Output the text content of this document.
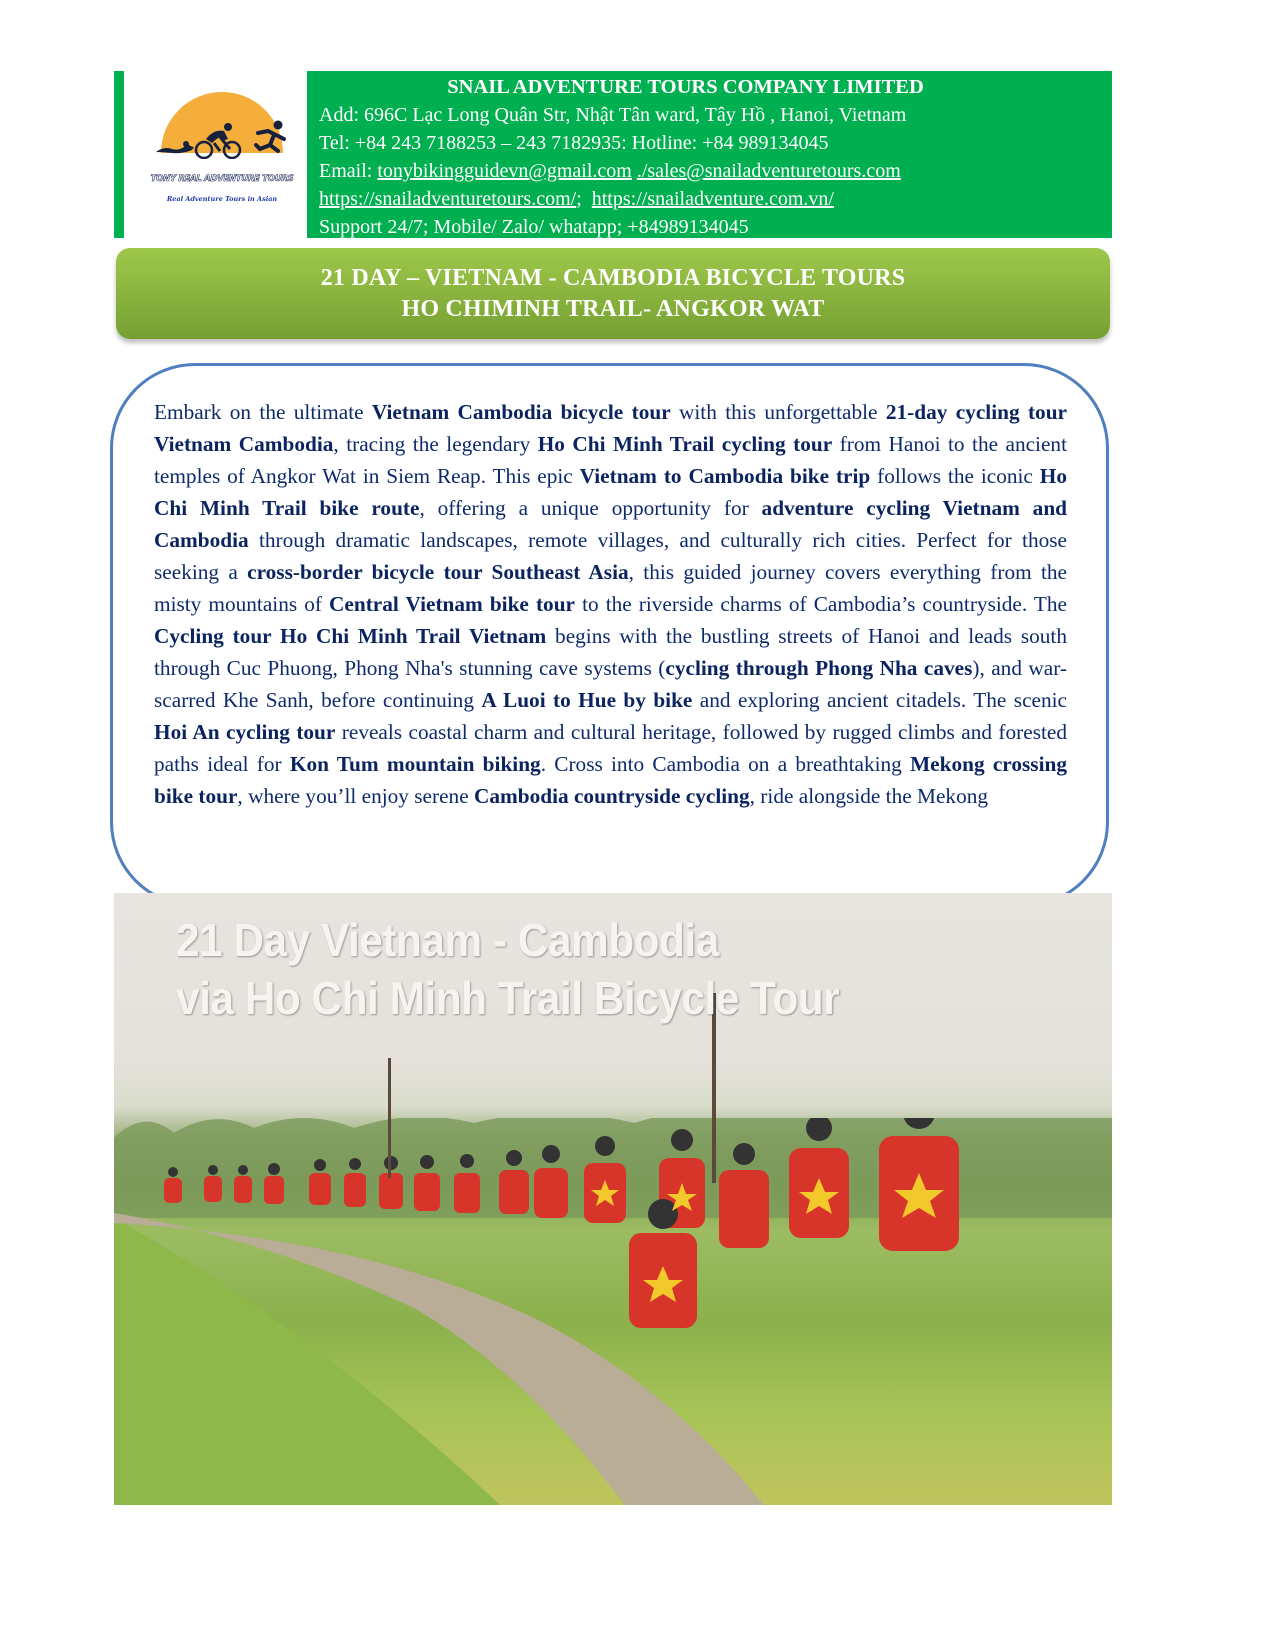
TONY REAL ADVENTURE TOURS
Real Adventure Tours in Asian
SNAIL ADVENTURE TOURS COMPANY LIMITED
Add: 696C Lạc Long Quân Str, Nhật Tân ward, Tây Hồ , Hanoi, Vietnam
Tel: +84 243 7188253 – 243 7182935: Hotline: +84 989134045
Email: tonybikingguidevn@gmail.com ./sales@snailadventuretours.com
https://snailadventuretours.com/;  https://snailadventure.com.vn/
Support 24/7; Mobile/ Zalo/ whatapp; +84989134045
21 DAY – VIETNAM - CAMBODIA BICYCLE TOURS
HO CHIMINH TRAIL- ANGKOR WAT
Embark on the ultimate Vietnam Cambodia bicycle tour with this unforgettable 21-day cycling tour Vietnam Cambodia, tracing the legendary Ho Chi Minh Trail cycling tour from Hanoi to the ancient temples of Angkor Wat in Siem Reap. This epic Vietnam to Cambodia bike trip follows the iconic Ho Chi Minh Trail bike route, offering a unique opportunity for adventure cycling Vietnam and Cambodia through dramatic landscapes, remote villages, and culturally rich cities. Perfect for those seeking a cross-border bicycle tour Southeast Asia, this guided journey covers everything from the misty mountains of Central Vietnam bike tour to the riverside charms of Cambodia’s countryside. The Cycling tour Ho Chi Minh Trail Vietnam begins with the bustling streets of Hanoi and leads south through Cuc Phuong, Phong Nha's stunning cave systems (cycling through Phong Nha caves), and war-scarred Khe Sanh, before continuing A Luoi to Hue by bike and exploring ancient citadels. The scenic Hoi An cycling tour reveals coastal charm and cultural heritage, followed by rugged climbs and forested paths ideal for Kon Tum mountain biking. Cross into Cambodia on a breathtaking Mekong crossing bike tour, where you’ll enjoy serene Cambodia countryside cycling, ride alongside the Mekong
21 Day Vietnam - Cambodia
via Ho Chi Minh Trail Bicycle Tour
